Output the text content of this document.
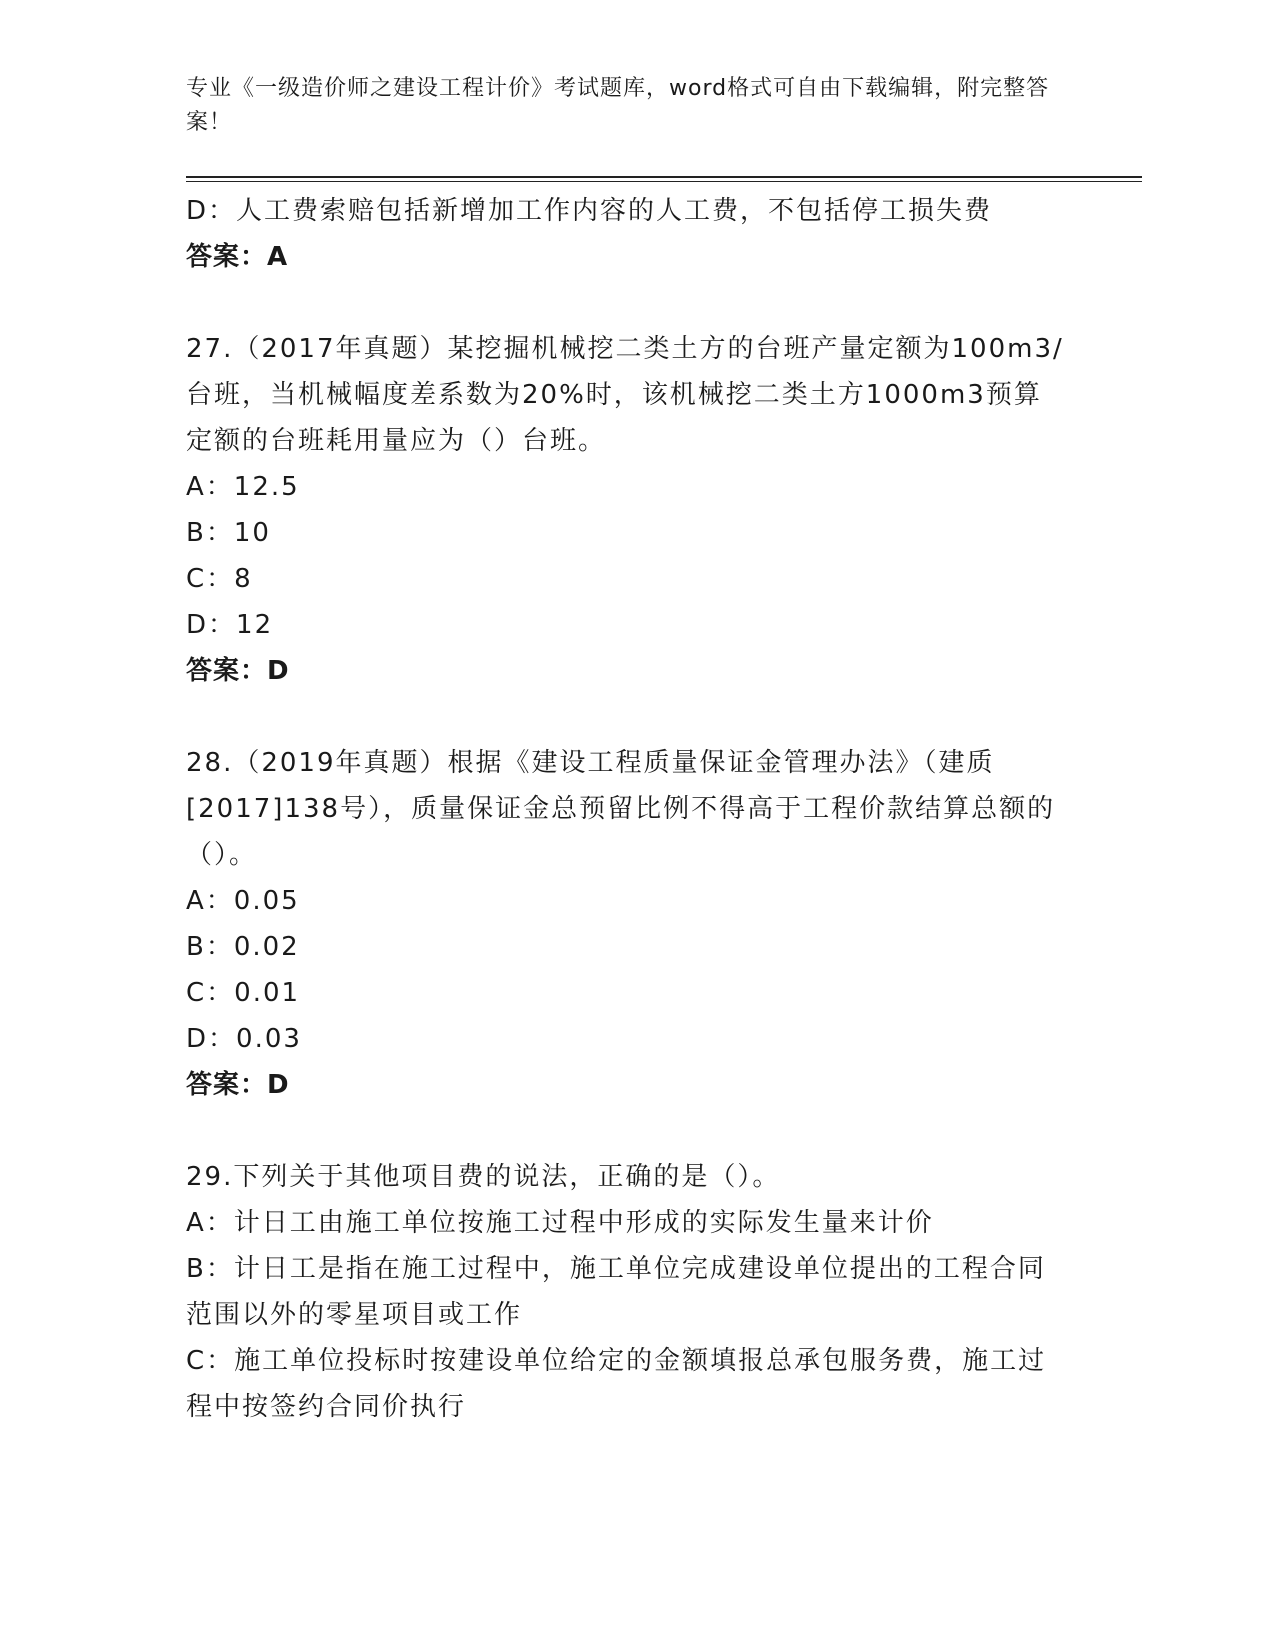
专业《一级造价师之建设工程计价》考试题库，word格式可自由下载编辑，附完整答案！
D：人工费索赔包括新增加工作内容的人工费，不包括停工损失费
答案：A
27.（2017年真题）某挖掘机械挖二类土方的台班产量定额为100m3/台班，当机械幅度差系数为20%时，该机械挖二类土方1000m3预算定额的台班耗用量应为（）台班。
A：12.5
B：10
C：8
D：12
答案：D
28.（2019年真题）根据《建设工程质量保证金管理办法》（建质[2017]138号），质量保证金总预留比例不得高于工程价款结算总额的（）。
A：0.05
B：0.02
C：0.01
D：0.03
答案：D
29.下列关于其他项目费的说法，正确的是（）。
A：计日工由施工单位按施工过程中形成的实际发生量来计价
B：计日工是指在施工过程中，施工单位完成建设单位提出的工程合同范围以外的零星项目或工作
C：施工单位投标时按建设单位给定的金额填报总承包服务费，施工过程中按签约合同价执行
